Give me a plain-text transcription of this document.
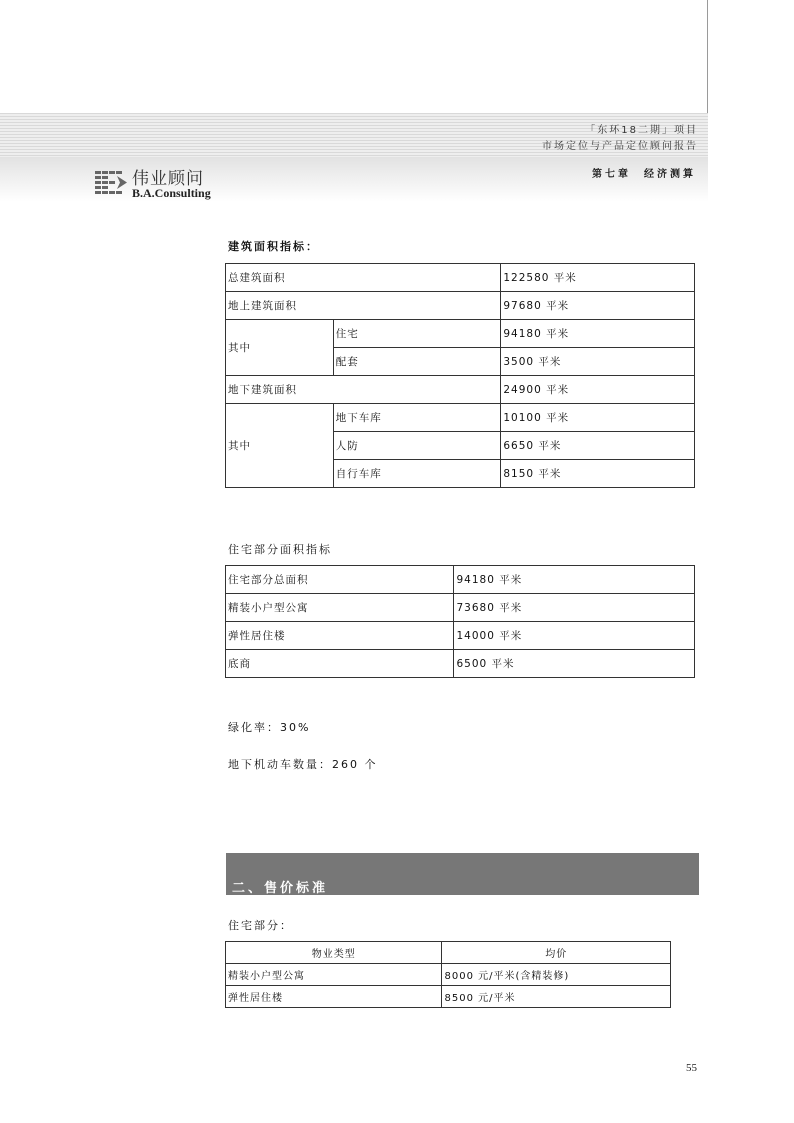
「东环18二期」项目
市场定位与产品定位顾问报告
第七章　经济测算
伟业顾问
B.A.Consulting
建筑面积指标：
总建筑面积		122580 平米
地上建筑面积		97680 平米
其中	住宅	94180 平米
	配套	3500 平米
地下建筑面积		24900 平米
其中	地下车库	10100 平米
	人防	6650 平米
	自行车库	8150 平米
住宅部分面积指标
住宅部分总面积	94180 平米
精装小户型公寓	73680 平米
弹性居住楼	14000 平米
底商	6500 平米
绿化率：30%
地下机动车数量：260 个
二、售价标准
住宅部分：
物业类型	均价
精装小户型公寓	8000 元/平米(含精装修)
弹性居住楼	8500 元/平米
55
